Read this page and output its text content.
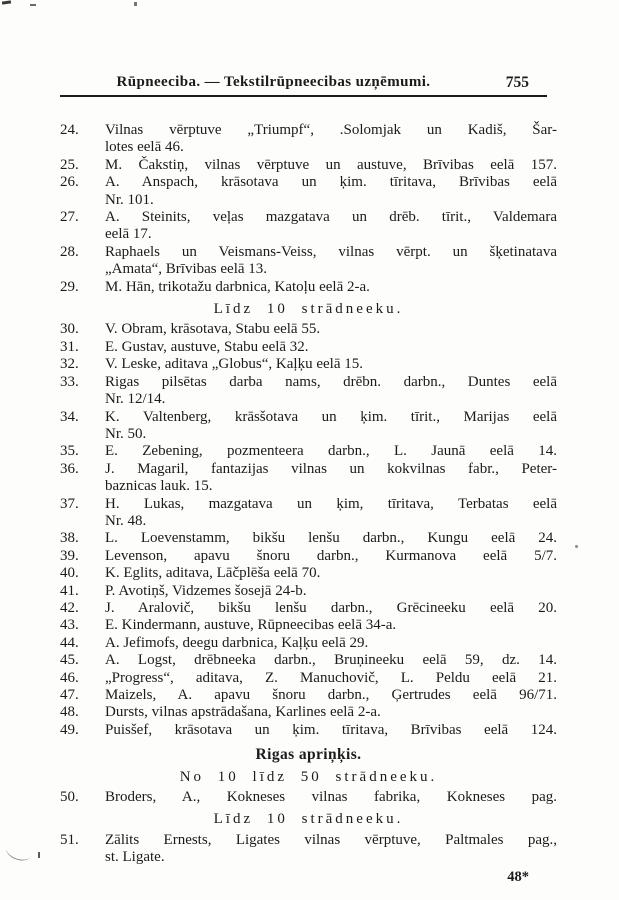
Rūpneeciba. — Tekstilrūpneecibas uzņēmumi.	755
24.	Vilnas vērptuve „Triumpf“, .Solomjak un Kadiš, Šar-
lotes eelā 46.
25.	M. Čakstiņ, vilnas vērptuve un austuve, Brīvibas eelā 157.
26.	A. Anspach, krāsotava un ķim. tīritava, Brīvibas eelā
Nr. 101.
27.	A. Steinits, veļas mazgatava un drēb. tīrit., Valdemara
eelā 17.
28.	Raphaels un Veismans-Veiss, vilnas vērpt. un šķetinatava
„Amata“, Brīvibas eelā 13.
29.	M. Hān, trikotažu darbnica, Katoļu eelā 2-a.
Līdz 10 strādneeku.
30.	V. Obram, krāsotava, Stabu eelā 55.
31.	E. Gustav, austuve, Stabu eelā 32.
32.	V. Leske, aditava „Globus“, Kaļķu eelā 15.
33.	Rigas pilsētas darba nams, drēbn. darbn., Duntes eelā
Nr. 12/14.
34.	K. Valtenberg, krāsšotava un ķim. tīrit., Marijas eelā
Nr. 50.
35.	E. Zebening, pozmenteera darbn., L. Jaunā eelā 14.
36.	J. Magaril, fantazijas vilnas un kokvilnas fabr., Peter-
baznicas lauk. 15.
37.	H. Lukas, mazgatava un ķim, tīritava, Terbatas eelā
Nr. 48.
38.	L. Loevenstamm, bikšu lenšu darbn., Kungu eelā 24.
39.	Levenson, apavu šnoru darbn., Kurmanova eelā 5/7.
40.	K. Eglits, aditava, Lāčplēša eelā 70.
41.	P. Avotiņš, Vidzemes šosejā 24-b.
42.	J. Aralovič, bikšu lenšu darbn., Grēcineeku eelā 20.
43.	E. Kindermann, austuve, Rūpneecibas eelā 34-a.
44.	A. Jefimofs, deegu darbnica, Kaļķu eelā 29.
45.	A. Logst, drēbneeka darbn., Bruņineeku eelā 59, dz. 14.
46.	„Progress“, aditava, Z. Manuchovič, L. Peldu eelā 21.
47.	Maizels, A. apavu šnoru darbn., Ģertrudes eelā 96/71.
48.	Dursts, vilnas apstrādašana, Karlines eelā 2-a.
49.	Puisšef, krāsotava un ķim. tīritava, Brīvibas eelā 124.
Rigas apriņķis.
No 10 līdz 50 strādneeku.
50.	Broders, A., Kokneses vilnas fabrika, Kokneses pag.
Līdz 10 strādneeku.
51.	Zālits Ernests, Ligates vilnas vērptuve, Paltmales pag.,
st. Ligate.
48*
